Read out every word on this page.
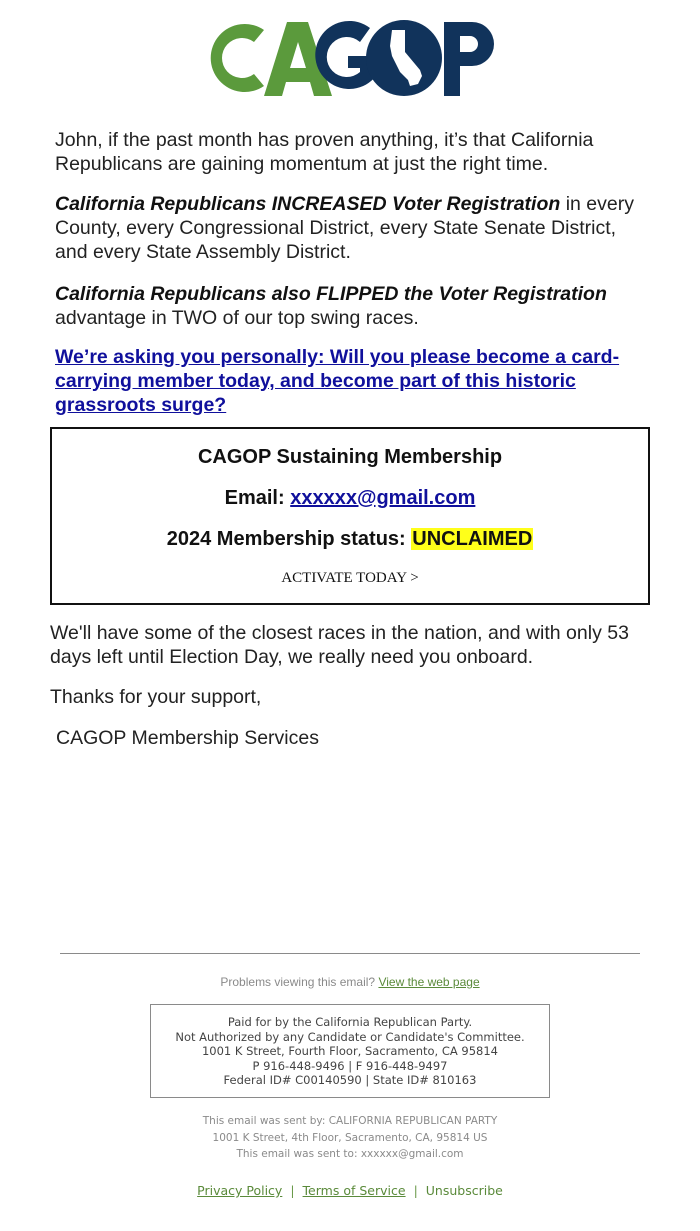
John, if the past month has proven anything, it’s that California Republicans are gaining momentum at just the right time.
California Republicans INCREASED Voter Registration in every County, every Congressional District, every State Senate District, and every State Assembly District.
California Republicans also FLIPPED the Voter Registration advantage in TWO of our top swing races.
We’re asking you personally: Will you please become a card-carrying member today, and become part of this historic grassroots surge?
CAGOP Sustaining Membership
Email: xxxxxx@gmail.com
2024 Membership status: UNCLAIMED
ACTIVATE TODAY >
We'll have some of the closest races in the nation, and with only 53 days left until Election Day, we really need you onboard.
Thanks for your support,
CAGOP Membership Services
Problems viewing this email? View the web page
Paid for by the California Republican Party.
Not Authorized by any Candidate or Candidate's Committee.
1001 K Street, Fourth Floor, Sacramento, CA 95814
P 916-448-9496 | F 916-448-9497
Federal ID# C00140590 | State ID# 810163
This email was sent by: CALIFORNIA REPUBLICAN PARTY
1001 K Street, 4th Floor, Sacramento, CA, 95814 US
This email was sent to: xxxxxx@gmail.com
Privacy Policy | Terms of Service | Unsubscribe
